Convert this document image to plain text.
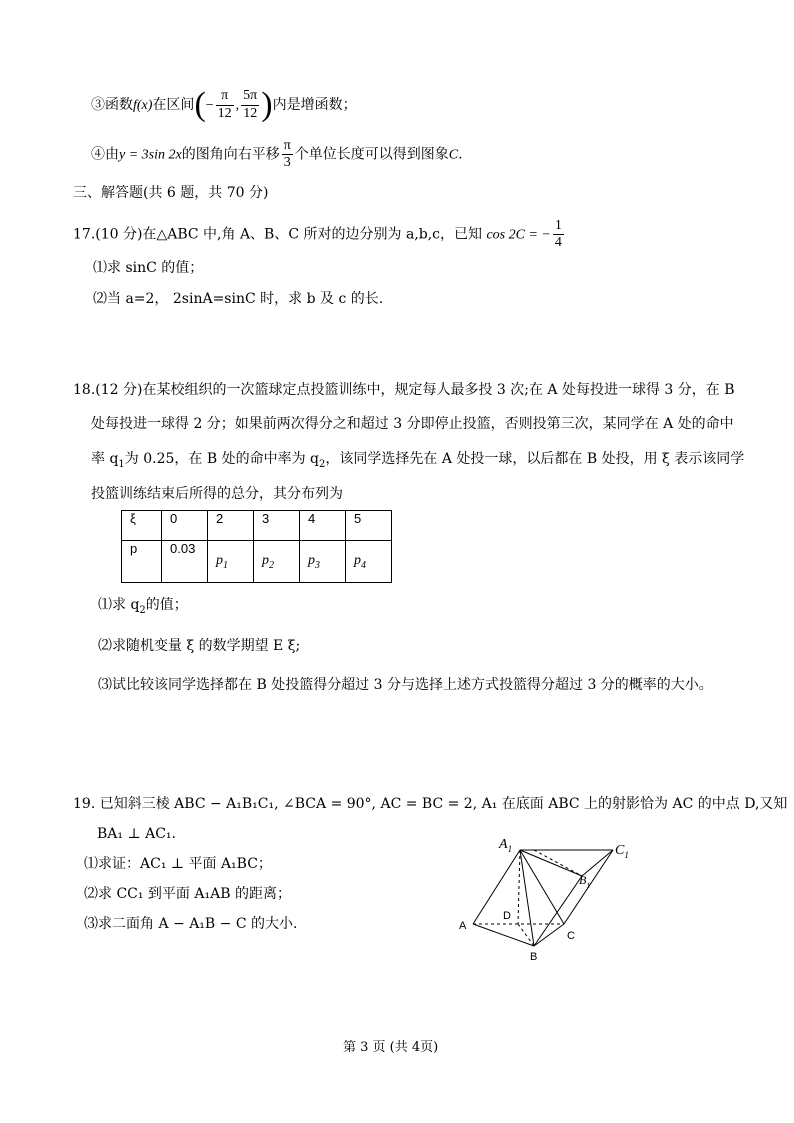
③函数f(x)在区间(− $\frac{\pi}{12}$ , $\frac{5\pi}{12}$ )内是增函数；
④由y = 3sin 2x的图角向右平移 $\frac{\pi}{3}$ 个单位长度可以得到图象C.
三、解答题(共 6 题，共 70 分)
17.(10 分)在△ABC 中,角 A、B、C 所对的边分别为 a,b,c，已知 cos 2C = − $\frac{1}{4}$
⑴求 sinC 的值；
⑵当 a=2， 2sinA=sinC 时，求 b 及 c 的长.
18.(12 分)在某校组织的一次篮球定点投篮训练中，规定每人最多投 3 次;在 A 处每投进一球得 3 分，在 B
处每投进一球得 2 分；如果前两次得分之和超过 3 分即停止投篮，否则投第三次，某同学在 A 处的命中
率 $q_1$为 0.25，在 B 处的命中率为 $q_2$，该同学选择先在 A 处投一球，以后都在 B 处投，用 ξ 表示该同学
投篮训练结束后所得的总分，其分布列为
ξ	0	2	3	4	5
p	0.03	$p_1$	$p_2$	$p_3$	$p_4$
⑴求 $q_2$的值；
⑵求随机变量 ξ 的数学期望 E ξ;
⑶试比较该同学选择都在 B 处投篮得分超过 3 分与选择上述方式投篮得分超过 3 分的概率的大小。
19. 已知斜三棱 ABC − A₁B₁C₁, ∠BCA = 90°, AC = BC = 2, A₁ 在底面 ABC 上的射影恰为 AC 的中点 D,又知
BA₁ ⊥ AC₁.
⑴求证：AC₁ ⊥ 平面 A₁BC；
⑵求 CC₁ 到平面 A₁AB 的距离；
⑶求二面角 A − A₁B − C 的大小.
$A_1$	$C_1$
$B_1$
D
A
C
B
第 3 页 (共 4页)
